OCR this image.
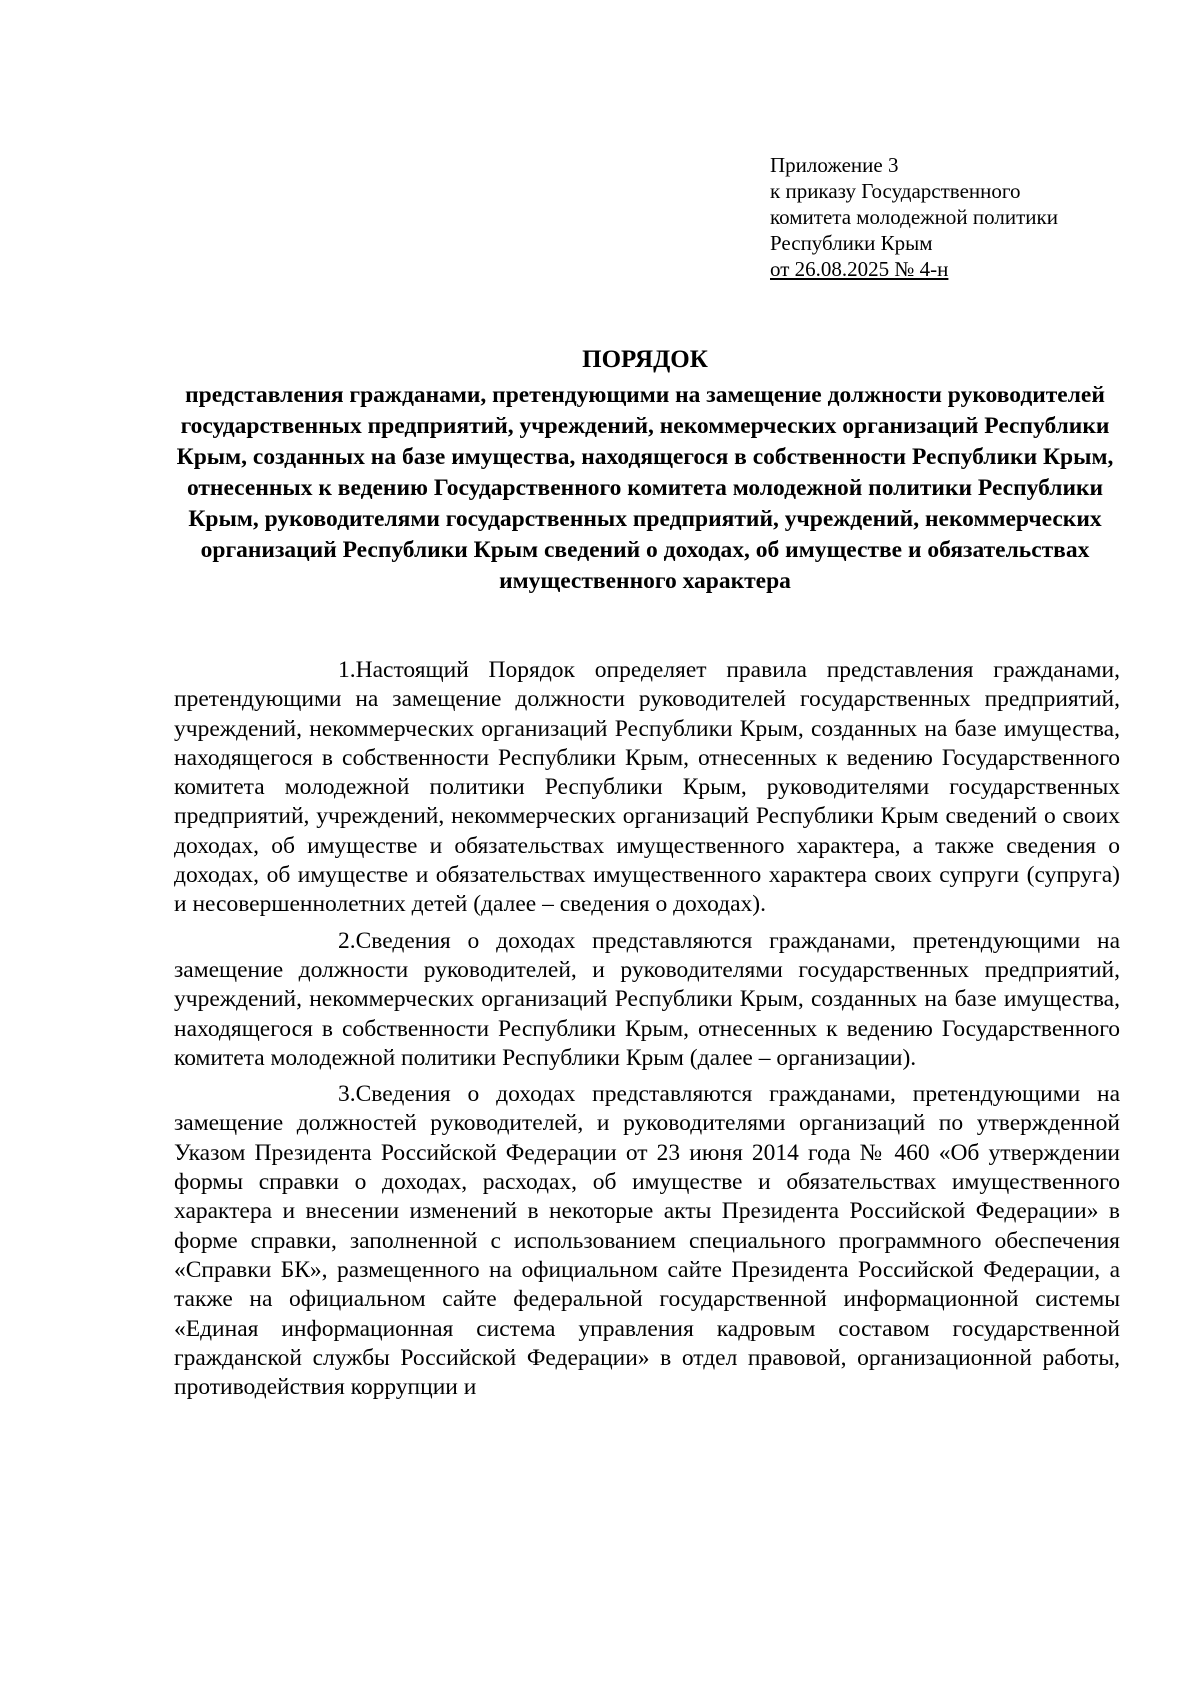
Приложение 3
к приказу Государственного
комитета молодежной политики
Республики Крым
от 26.08.2025 № 4-н
ПОРЯДОК

представления гражданами, претендующими на замещение должности руководителей государственных предприятий, учреждений, некоммерческих организаций Республики Крым, созданных на базе имущества, находящегося в собственности Республики Крым, отнесенных к ведению Государственного комитета молодежной политики Республики Крым, руководителями государственных предприятий, учреждений, некоммерческих организаций Республики Крым сведений о доходах, об имуществе и обязательствах имущественного характера

1.Настоящий Порядок определяет правила представления гражданами, претендующими на замещение должности руководителей государственных предприятий, учреждений, некоммерческих организаций Республики Крым, созданных на базе имущества, находящегося в собственности Республики Крым, отнесенных к ведению Государственного комитета молодежной политики Республики Крым, руководителями государственных предприятий, учреждений, некоммерческих организаций Республики Крым сведений о своих доходах, об имуществе и обязательствах имущественного характера, а также сведения о доходах, об имуществе и обязательствах имущественного характера своих супруги (супруга) и несовершеннолетних детей (далее – сведения о доходах).

2.Сведения о доходах представляются гражданами, претендующими на замещение должности руководителей, и руководителями государственных предприятий, учреждений, некоммерческих организаций Республики Крым, созданных на базе имущества, находящегося в собственности Республики Крым, отнесенных к ведению Государственного комитета молодежной политики Республики Крым (далее – организации).

3.Сведения о доходах представляются гражданами, претендующими на замещение должностей руководителей, и руководителями организаций по утвержденной Указом Президента Российской Федерации от 23 июня 2014 года № 460 «Об утверждении формы справки о доходах, расходах, об имуществе и обязательствах имущественного характера и внесении изменений в некоторые акты Президента Российской Федерации» в форме справки, заполненной с использованием специального программного обеспечения «Справки БК», размещенного на официальном сайте Президента Российской Федерации, а также на официальном сайте федеральной государственной информационной системы «Единая информационная система управления кадровым составом государственной гражданской службы Российской Федерации» в отдел правовой, организационной работы, противодействия коррупции и
